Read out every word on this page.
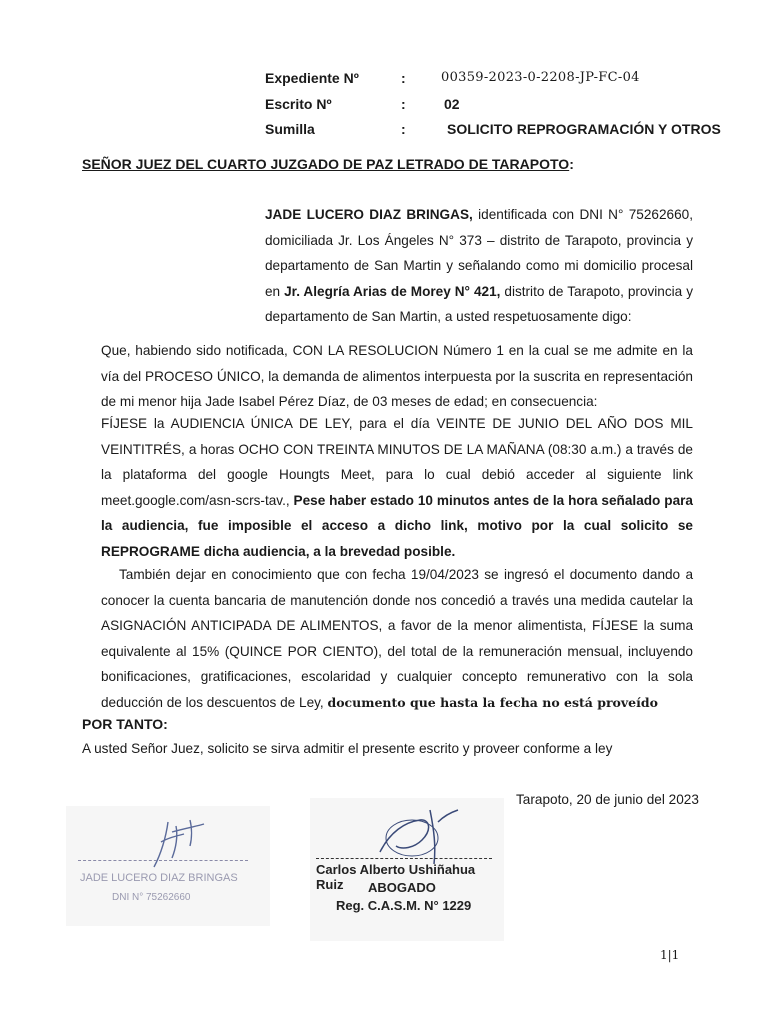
Expediente Nº	:	00359-2023-0-2208-JP-FC-04
Escrito Nº	:	02
Sumilla	:	SOLICITO REPROGRAMACIÓN Y OTROS
SEÑOR JUEZ DEL CUARTO JUZGADO DE PAZ LETRADO DE TARAPOTO:
JADE LUCERO DIAZ BRINGAS, identificada con DNI N° 75262660, domiciliada Jr. Los Ángeles N° 373 – distrito de Tarapoto, provincia y departamento de San Martin y señalando como mi domicilio procesal en Jr. Alegría Arias de Morey N° 421, distrito de Tarapoto, provincia y departamento de San Martin, a usted respetuosamente digo:
Que, habiendo sido notificada, CON LA RESOLUCION Número 1 en la cual se me admite en la vía del PROCESO ÚNICO, la demanda de alimentos interpuesta por la suscrita en representación de mi menor hija Jade Isabel Pérez Díaz, de 03 meses de edad; en consecuencia:
FÍJESE la AUDIENCIA ÚNICA DE LEY, para el día VEINTE DE JUNIO DEL AÑO DOS MIL VEINTITRÉS, a horas OCHO CON TREINTA MINUTOS DE LA MAÑANA (08:30 a.m.) a través de la plataforma del google Houngts Meet, para lo cual debió acceder al siguiente link meet.google.com/asn-scrs-tav., Pese haber estado 10 minutos antes de la hora señalado para la audiencia, fue imposible el acceso a dicho link, motivo por la cual solicito se REPROGRAME dicha audiencia, a la brevedad posible.
También dejar en conocimiento que con fecha 19/04/2023 se ingresó el documento dando a conocer la cuenta bancaria de manutención donde nos concedió a través una medida cautelar la ASIGNACIÓN ANTICIPADA DE ALIMENTOS, a favor de la menor alimentista, FÍJESE la suma equivalente al 15% (QUINCE POR CIENTO), del total de la remuneración mensual, incluyendo bonificaciones, gratificaciones, escolaridad y cualquier concepto remunerativo con la sola deducción de los descuentos de Ley, documento que hasta la fecha no está proveído
POR TANTO:
A usted Señor Juez, solicito se sirva admitir el presente escrito y proveer conforme a ley
Tarapoto, 20 de junio del 2023
JADE LUCERO DIAZ BRINGAS
DNI N° 75262660
Carlos Alberto Ushiñahua Ruiz	ABOGADO
Reg. C.A.S.M. N° 1229
1|1
